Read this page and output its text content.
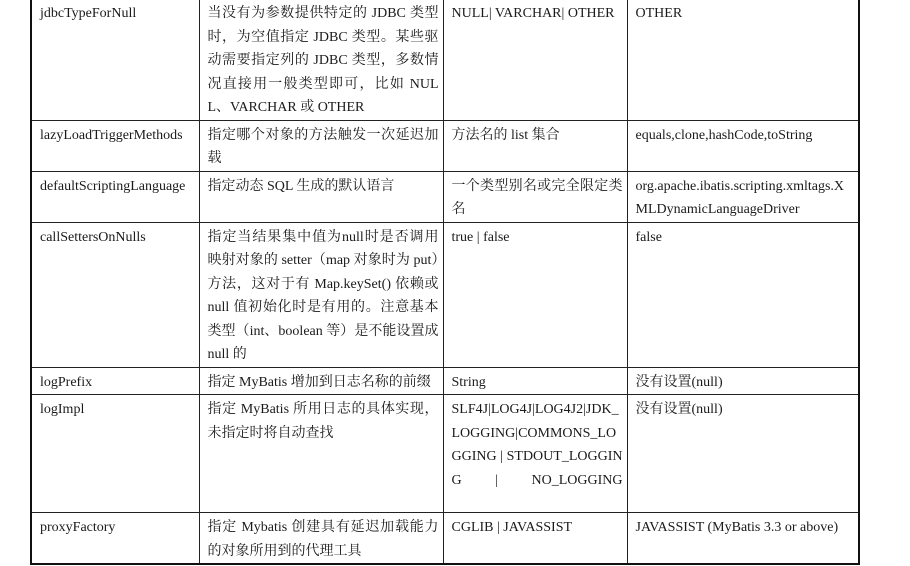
jdbcTypeForNull	当没有为参数提供特定的 JDBC 类型时，为空值指定 JDBC 类型。某些驱动需要指定列的 JDBC 类型，多数情况直接用一般类型即可，比如 NULL、VARCHAR 或 OTHER	NULL| VARCHAR| OTHER	OTHER
lazyLoadTriggerMethods	指定哪个对象的方法触发一次延迟加载	方法名的 list 集合	equals,clone,hashCode,toString
defaultScriptingLanguage	指定动态 SQL 生成的默认语言	一个类型别名或完全限定类名	org.apache.ibatis.scripting.xmltags.XMLDynamicLanguageDriver
callSettersOnNulls	指定当结果集中值为null时是否调用映射对象的 setter（map 对象时为 put）方法，这对于有 Map.keySet() 依赖或 null 值初始化时是有用的。注意基本类型（int、boolean 等）是不能设置成 null 的	true | false	false
logPrefix	指定 MyBatis 增加到日志名称的前缀	String	没有设置(null)
logImpl	指定 MyBatis 所用日志的具体实现，未指定时将自动查找	SLF4J|LOG4J|LOG4J2|JDK_LOGGING|COMMONS_LOGGING | STDOUT_LOGGING | NO_LOGGING	没有设置(null)
proxyFactory	指定 Mybatis 创建具有延迟加载能力的对象所用到的代理工具	CGLIB | JAVASSIST	JAVASSIST (MyBatis 3.3 or above)
